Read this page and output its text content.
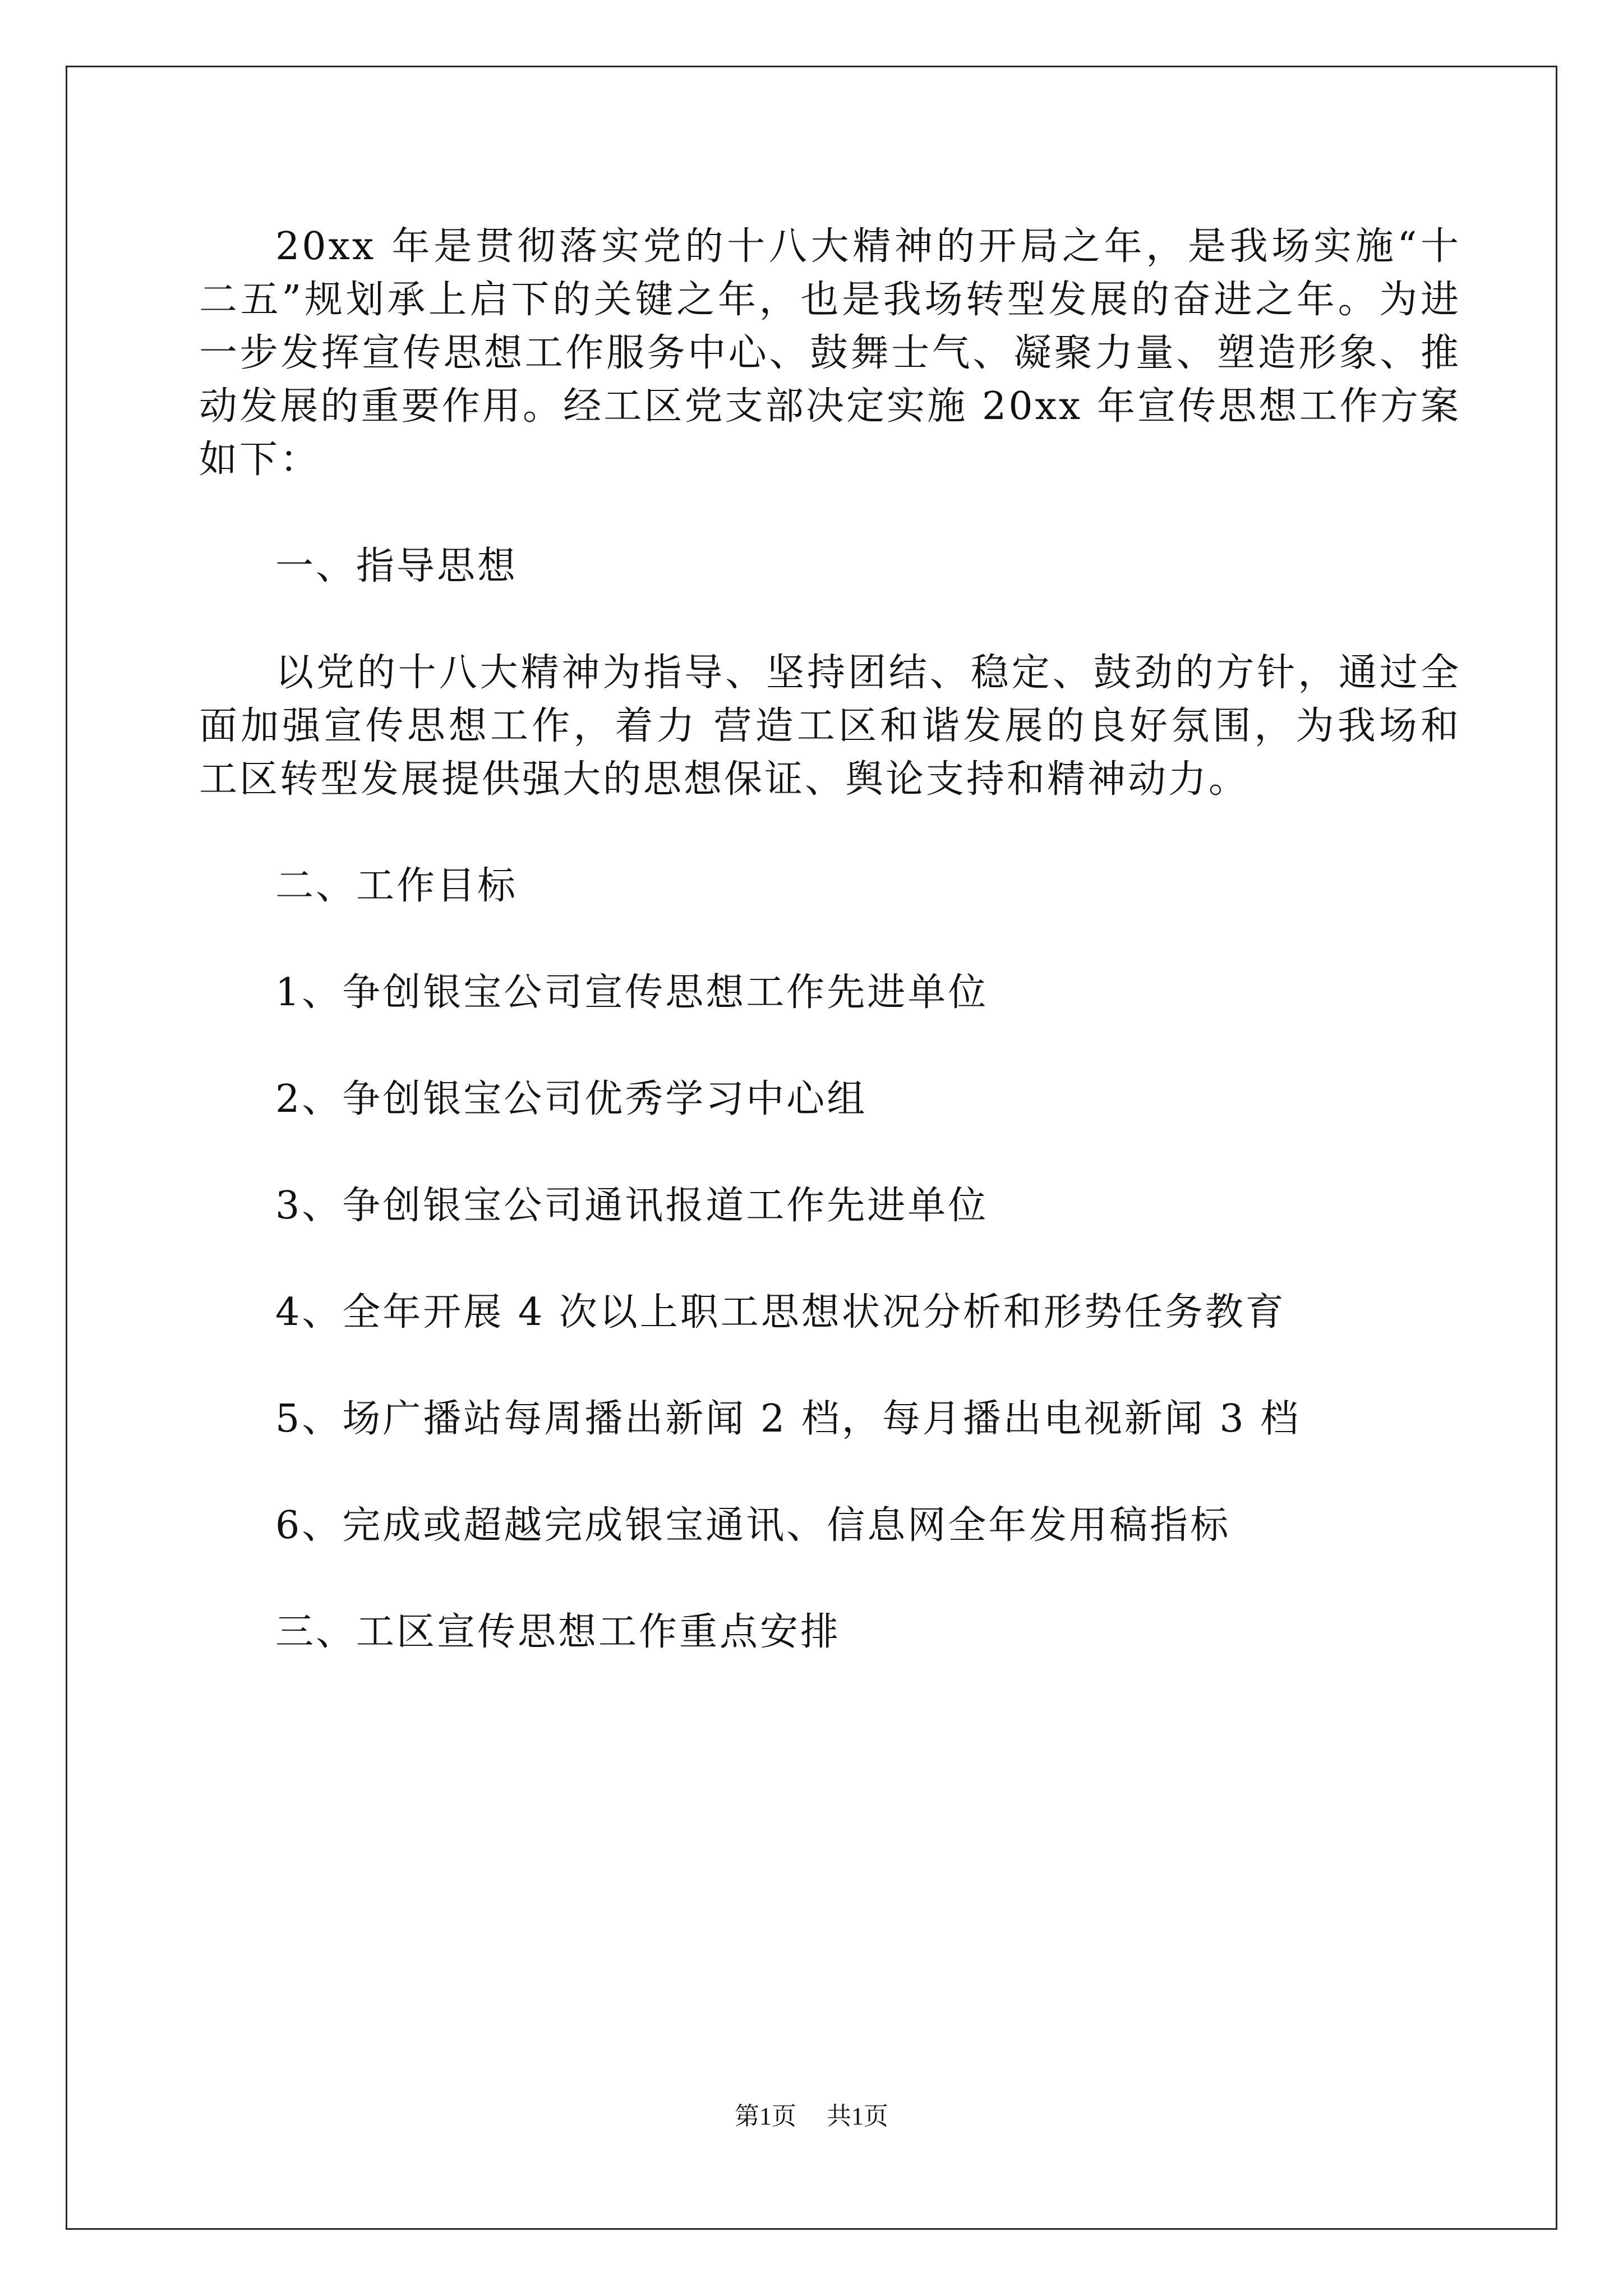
20xx 年是贯彻落实党的十八大精神的开局之年，是我场实施“十二五”规划承上启下的关键之年，也是我场转型发展的奋进之年。为进一步发挥宣传思想工作服务中心、鼓舞士气、凝聚力量、塑造形象、推动发展的重要作用。经工区党支部决定实施 20xx 年宣传思想工作方案如下：

一、指导思想

以党的十八大精神为指导、坚持团结、稳定、鼓劲的方针，通过全面加强宣传思想工作，着力 营造工区和谐发展的良好氛围，为我场和工区转型发展提供强大的思想保证、舆论支持和精神动力。

二、工作目标

1、争创银宝公司宣传思想工作先进单位

2、争创银宝公司优秀学习中心组

3、争创银宝公司通讯报道工作先进单位

4、全年开展 4 次以上职工思想状况分析和形势任务教育

5、场广播站每周播出新闻 2 档，每月播出电视新闻 3 档

6、完成或超越完成银宝通讯、信息网全年发用稿指标

三、工区宣传思想工作重点安排

第1页 共1页
